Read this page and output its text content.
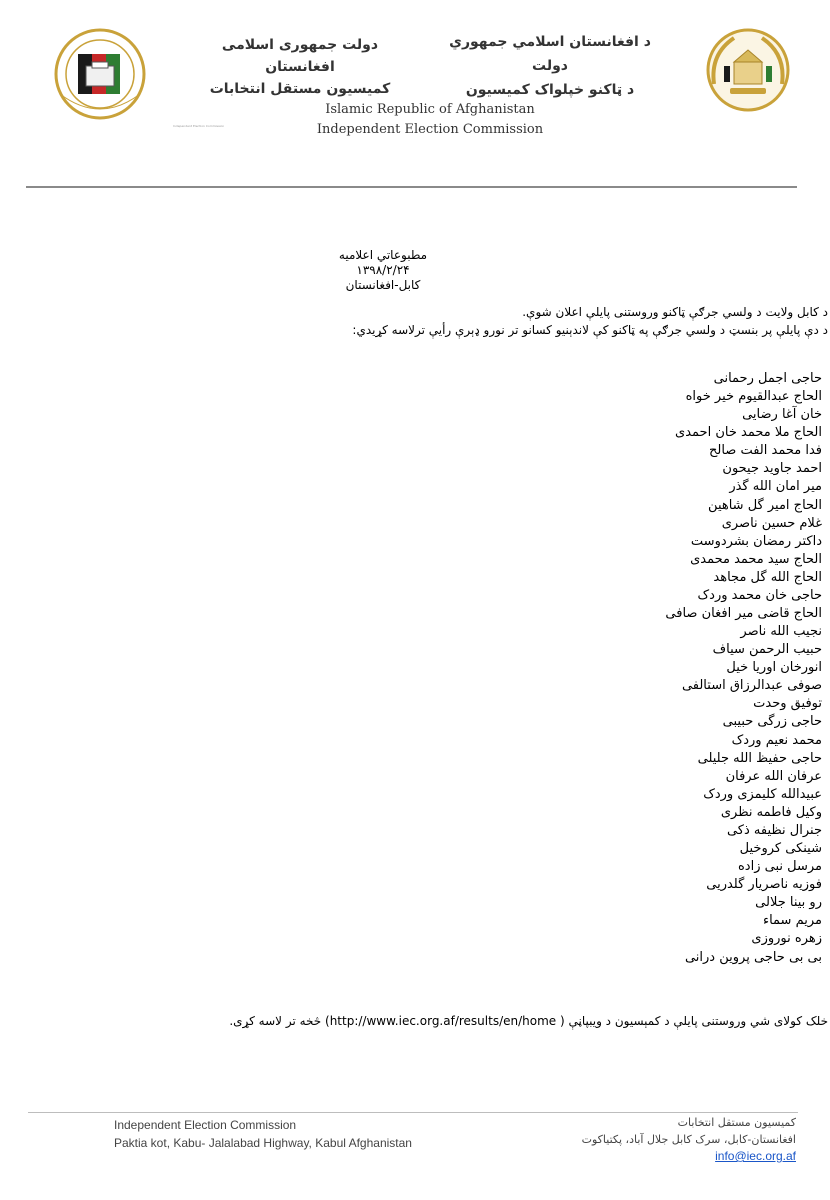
Independent Election Commission
دولت جمهوری اسلامی افغانستان
کمیسیون مستقل انتخابات
د افغانستان اسلامي جمهوري دولت
د ټاکنو خپلواک کمیسیون
Islamic Republic of Afghanistan
Independent Election Commission
مطبوعاتي اعلامیه
۱۳۹۸/۲/۲۴
کابل-افغانستان
د کابل ولایت د ولسي جرګې ټاکنو وروستنی پایلې اعلان شوې.
د دې پایلې پر بنسټ د ولسي جرګې په ټاکنو کې لاندېنیو کسانو تر نورو ډېرې رأیې ترلاسه کړیدي:
حاجی اجمل رحمانی
الحاج عبدالقیوم خیر خواه
خان آغا رضایی
الحاج ملا محمد خان احمدی
فدا محمد الفت صالح
احمد جاوید جیحون
میر امان الله گذر
الحاج امیر گل شاهین
غلام حسین ناصری
داکتر رمضان بشردوست
الحاج سید محمد محمدی
الحاج الله گل مجاهد
حاجی خان محمد وردک
الحاج قاضی میر افغان صافی
نجیب الله ناصر
حبیب الرحمن سیاف
انورخان اوریا خیل
صوفی عبدالرزاق استالفی
توفیق وحدت
حاجی زرگی حبیبی
محمد نعیم وردک
حاجی حفیظ الله جلیلی
عرفان الله عرفان
عبیدالله کلیمزی وردک
وکیل فاطمه نظری
جنرال نظیفه ذکی
شینکی کروخیل
مرسل نبی زاده
فوزیه ناصریار گلدریی
رو بینا جلالی
مریم سماء
زهره نوروزی
بی بی حاجی پروین درانی
خلک کولای شي وروستنی پایلې د کمېسیون د ویبپاڼې ( http://www.iec.org.af/results/en/home) څخه تر لاسه کړی.
Independent Election Commission
Paktia kot, Kabu- Jalalabad Highway, Kabul Afghanistan
کمیسیون مستقل انتخابات
افغانستان-کابل، سرک کابل جلال آباد، پکتیاکوت
info@iec.org.af
